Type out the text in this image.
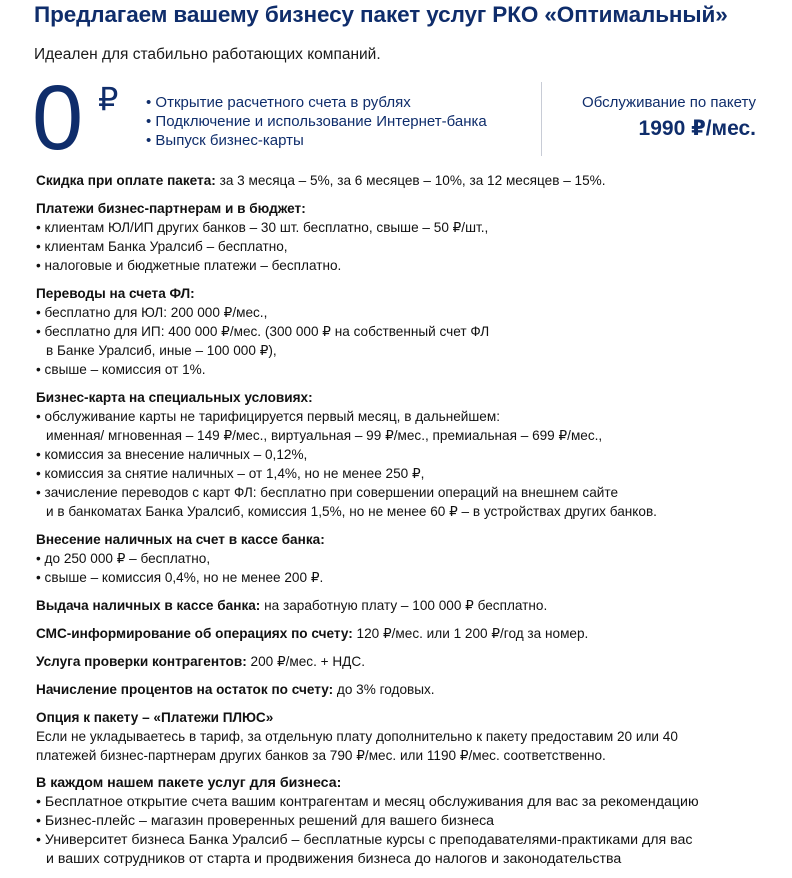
Предлагаем вашему бизнесу пакет услуг РКО «Оптимальный»
Идеален для стабильно работающих компаний.
0 ₽
•	Открытие расчетного счета в рублях
• Подключение и использование Интернет-банка
• Выпуск бизнес-карты
Обслуживание по пакету
1990 ₽/мес.

Скидка при оплате пакета: за 3 месяца – 5%, за 6 месяцев – 10%, за 12 месяцев – 15%.

Платежи бизнес-партнерам и в бюджет:

• клиентам ЮЛ/ИП других банков – 30 шт. бесплатно, свыше – 50 ₽/шт.,

• клиентам Банка Уралсиб – бесплатно,

• налоговые и бюджетные платежи – бесплатно.

Переводы на счета ФЛ:

• бесплатно для ЮЛ: 200 000 ₽/мес.,

• бесплатно для ИП: 400 000 ₽/мес. (300 000 ₽ на собственный счет ФЛ

в Банке Уралсиб, иные – 100 000 ₽),

• свыше – комиссия от 1%.

Бизнес-карта на специальных условиях:

• обслуживание карты не тарифицируется первый месяц, в дальнейшем:

именная/ мгновенная – 149 ₽/мес., виртуальная – 99 ₽/мес., премиальная – 699 ₽/мес.,

• комиссия за внесение наличных – 0,12%,

• комиссия за снятие наличных – от 1,4%, но не менее 250 ₽,

• зачисление переводов с карт ФЛ: бесплатно при совершении операций на внешнем сайте

и в банкоматах Банка Уралсиб, комиссия 1,5%, но не менее 60 ₽ – в устройствах других банков.

Внесение наличных на счет в кассе банка:

• до 250 000 ₽ – бесплатно,

• свыше – комиссия 0,4%, но не менее 200 ₽.

Выдача наличных в кассе банка: на заработную плату – 100 000 ₽ бесплатно.

СМС-информирование об операциях по счету: 120 ₽/мес. или 1 200 ₽/год за номер.

Услуга проверки контрагентов: 200 ₽/мес. + НДС.

Начисление процентов на остаток по счету: до 3% годовых.

Опция к пакету – «Платежи ПЛЮС»

Если не укладываетесь в тариф, за отдельную плату дополнительно к пакету предоставим 20 или 40

платежей бизнес-партнерам других банков за 790 ₽/мес. или 1190 ₽/мес. соответственно.

В каждом нашем пакете услуг для бизнеса:

• Бесплатное открытие счета вашим контрагентам и месяц обслуживания для вас за рекомендацию

• Бизнес-плейс – магазин проверенных решений для вашего бизнеса

• Университет бизнеса Банка Уралсиб – бесплатные курсы с преподавателями-практиками для вас

и ваших сотрудников от старта и продвижения бизнеса до налогов и законодательства
